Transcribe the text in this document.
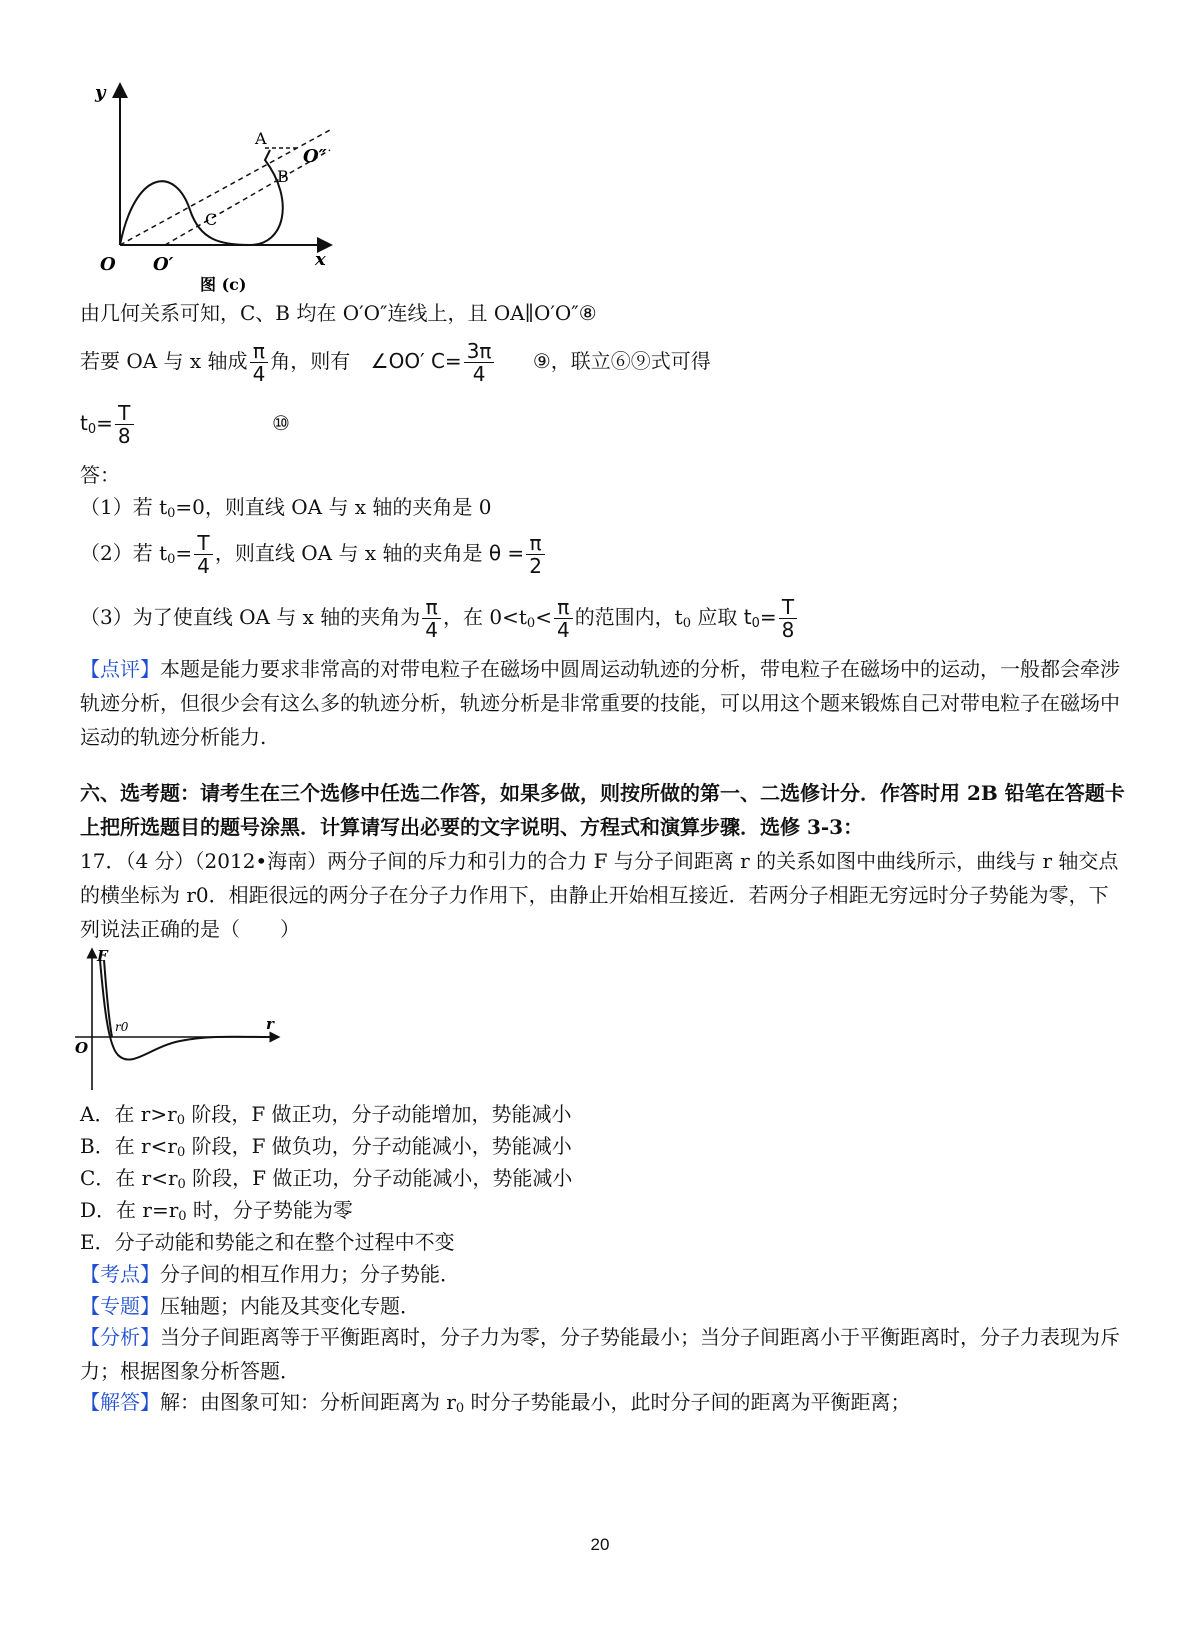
y
x
O O′
O″
A
B
C
图 (c)
由几何关系可知，C、B 均在 O′O″连线上，且 OA∥O′O″⑧
若要 OA 与 x 轴成 $\frac{\pi}{4}$ 角，则有 ∠OO′ $C= \frac{3\pi}{4}$ ⑨，联立⑥⑨式可得
$t_0= \frac{T}{8}$	⑩
答：
（1）若 $t_0=0$，则直线 OA 与 x 轴的夹角是 0
（2）若 $t_0= \frac{T}{4}$ ，则直线 OA 与 x 轴的夹角是 $\theta = \frac{\pi}{2}$
（3）为了使直线 OA 与 x 轴的夹角为 $\frac{\pi}{4}$ ，在 $0<t_0< \frac{\pi}{4}$ 的范围内，$t_0$ 应取 $t_0= \frac{T}{8}$
【点评】本题是能力要求非常高的对带电粒子在磁场中圆周运动轨迹的分析，带电粒子在磁场中的运动，一般都会牵涉轨迹分析，但很少会有这么多的轨迹分析，轨迹分析是非常重要的技能，可以用这个题来锻炼自己对带电粒子在磁场中运动的轨迹分析能力.
六、选考题：请考生在三个选修中任选二作答，如果多做，则按所做的第一、二选修计分．作答时用 2B 铅笔在答题卡上把所选题目的题号涂黑．计算请写出必要的文字说明、方程式和演算步骤．选修 3-3：
17．（4 分）（2012•海南）两分子间的斥力和引力的合力 F 与分子间距离 r 的关系如图中曲线所示，曲线与 r 轴交点的横坐标为 r0．相距很远的两分子在分子力作用下，由静止开始相互接近．若两分子相距无穷远时分子势能为零，下列说法正确的是（　　）
F
r
O
r0
A．在 $r>r_0$ 阶段，F 做正功，分子动能增加，势能减小
B．在 $r<r_0$ 阶段，F 做负功，分子动能减小，势能减小
C．在 $r<r_0$ 阶段，F 做正功，分子动能减小，势能减小
D．在 $r=r_0$ 时，分子势能为零
E．分子动能和势能之和在整个过程中不变
【考点】分子间的相互作用力；分子势能．
【专题】压轴题；内能及其变化专题．
【分析】当分子间距离等于平衡距离时，分子力为零，分子势能最小；当分子间距离小于平衡距离时，分子力表现为斥力；根据图象分析答题．
【解答】解：由图象可知：分析间距离为 $r_0$ 时分子势能最小，此时分子间的距离为平衡距离；
20
